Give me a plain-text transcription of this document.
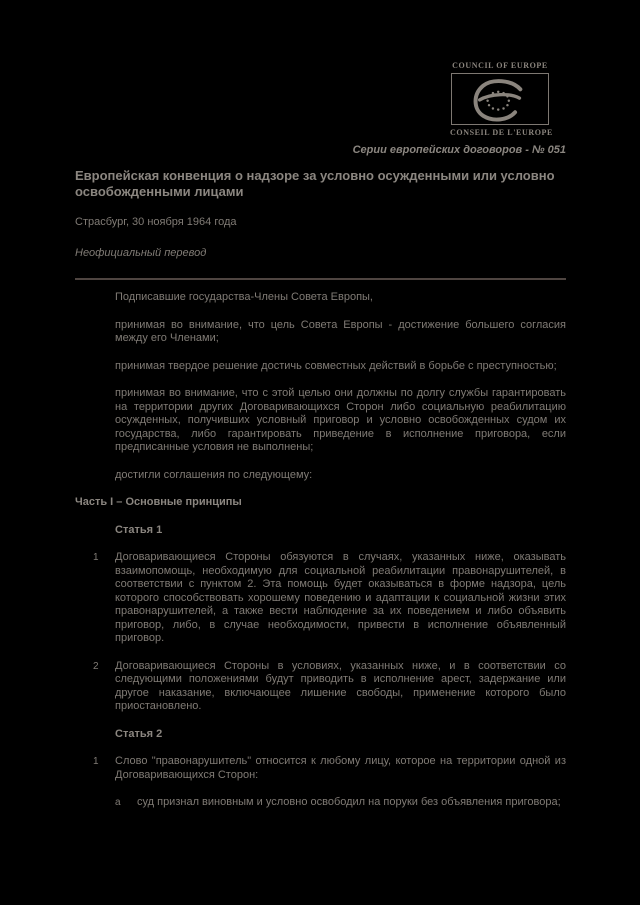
COUNCIL OF EUROPE
CONSEIL DE L'EUROPE
Серии европейских договоров - № 051
Европейская конвенция о надзоре за условно осужденными или условно освобожденными лицами

Страсбург, 30 ноября 1964 года

Неофициальный перевод

Подписавшие государства-Члены Совета Европы,

принимая во внимание, что цель Совета Европы - достижение большего согласия между его Членами;

принимая твердое решение достичь совместных действий в борьбе с преступностью;

принимая во внимание, что с этой целью они должны по долгу службы гарантировать на территории других Договаривающихся Сторон либо социальную реабилитацию осужденных, получивших условный приговор и условно освобожденных судом их государства, либо гарантировать приведение в исполнение приговора, если предписанные условия не выполнены;

достигли соглашения по следующему:

Часть I – Основные принципы
Статья 1
1 Договаривающиеся Стороны обязуются в случаях, указанных ниже, оказывать взаимопомощь, необходимую для социальной реабилитации правонарушителей, в соответствии с пунктом 2. Эта помощь будет оказываться в форме надзора, цель которого способствовать хорошему поведению и адаптации к социальной жизни этих правонарушителей, а также вести наблюдение за их поведением и либо объявить приговор, либо, в случае необходимости, привести в исполнение объявленный приговор.

2 Договаривающиеся Стороны в условиях, указанных ниже, и в соответствии со следующими положениями будут приводить в исполнение арест, задержание или другое наказание, включающее лишение свободы, применение которого было приостановлено.

Статья 2
1 Слово "правонарушитель" относится к любому лицу, которое на территории одной из Договаривающихся Сторон:

a суд признал виновным и условно освободил на поруки без объявления приговора;
